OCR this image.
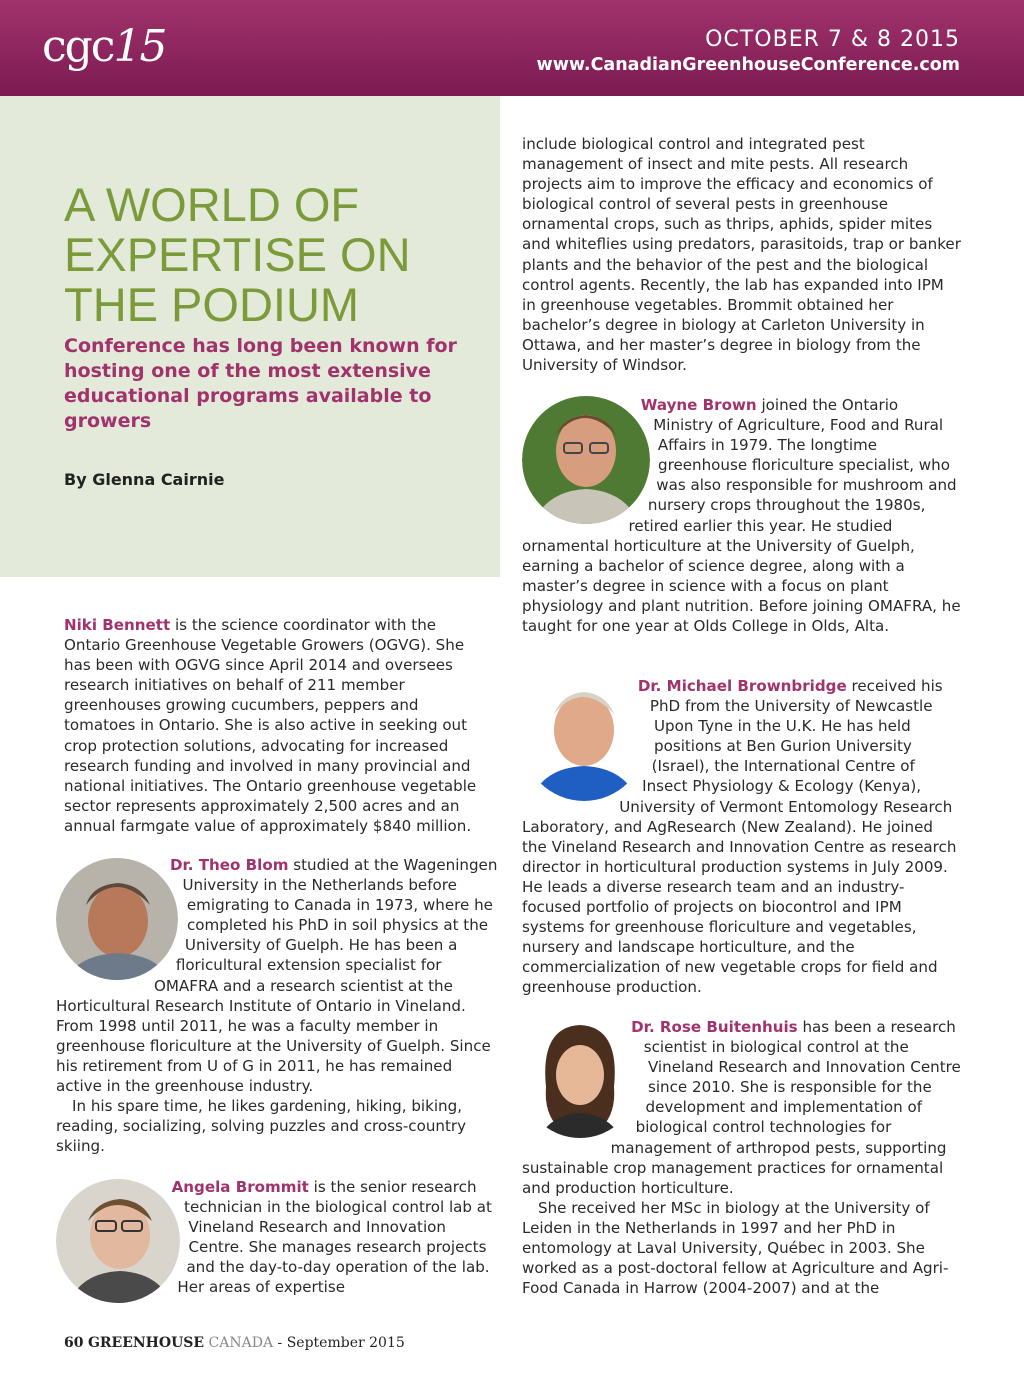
cgc15	OCTOBER 7 & 8 2015
www.CanadianGreenhouseConference.com
A WORLD OF EXPERTISE ON THE PODIUM

Conference has long been known for hosting one of the most extensive educational programs available to growers

By Glenna Cairnie

Niki Bennett is the science coordinator with the Ontario Greenhouse Vegetable Growers (OGVG). She has been with OGVG since April 2014 and oversees research initiatives on behalf of 211 member greenhouses growing cucumbers, peppers and tomatoes in Ontario. She is also active in seeking out crop protection solutions, advocating for increased research funding and involved in many provincial and national initiatives. The Ontario greenhouse vegetable sector represents approximately 2,500 acres and an annual farmgate value of approximately $840 million.

Dr. Theo Blom studied at the Wageningen University in the Netherlands before emigrating to Canada in 1973, where he completed his PhD in soil physics at the University of Guelph. He has been a floricultural extension specialist for OMAFRA and a research scientist at the Horticultural Research Institute of Ontario in Vineland. From 1998 until 2011, he was a faculty member in greenhouse floriculture at the University of Guelph. Since his retirement from U of G in 2011, he has remained active in the greenhouse industry.

In his spare time, he likes gardening, hiking, biking, reading, socializing, solving puzzles and cross-country skiing.

Angela Brommit is the senior research technician in the biological control lab at Vineland Research and Innovation Centre. She manages research projects and the day-to-day operation of the lab. Her areas of expertise

include biological control and integrated pest management of insect and mite pests. All research projects aim to improve the efficacy and economics of biological control of several pests in greenhouse ornamental crops, such as thrips, aphids, spider mites and whiteflies using predators, parasitoids, trap or banker plants and the behavior of the pest and the biological control agents. Recently, the lab has expanded into IPM in greenhouse vegetables. Brommit obtained her bachelor’s degree in biology at Carleton University in Ottawa, and her master’s degree in biology from the University of Windsor.

Wayne Brown joined the Ontario Ministry of Agriculture, Food and Rural Affairs in 1979. The longtime greenhouse floriculture specialist, who was also responsible for mushroom and nursery crops throughout the 1980s, retired earlier this year. He studied ornamental horticulture at the University of Guelph, earning a bachelor of science degree, along with a master’s degree in science with a focus on plant physiology and plant nutrition. Before joining OMAFRA, he taught for one year at Olds College in Olds, Alta.

Dr. Michael Brownbridge received his PhD from the University of Newcastle Upon Tyne in the U.K. He has held positions at Ben Gurion University (Israel), the International Centre of Insect Physiology & Ecology (Kenya), University of Vermont Entomology Research Laboratory, and AgResearch (New Zealand). He joined the Vineland Research and Innovation Centre as research director in horticultural production systems in July 2009. He leads a diverse research team and an industry-focused portfolio of projects on biocontrol and IPM systems for greenhouse floriculture and vegetables, nursery and landscape horticulture, and the commercialization of new vegetable crops for field and greenhouse production.

Dr. Rose Buitenhuis has been a research scientist in biological control at the Vineland Research and Innovation Centre since 2010. She is responsible for the development and implementation of biological control technologies for management of arthropod pests, supporting sustainable crop management practices for ornamental and production horticulture.

She received her MSc in biology at the University of Leiden in the Netherlands in 1997 and her PhD in entomology at Laval University, Québec in 2003. She worked as a post-doctoral fellow at Agriculture and Agri-Food Canada in Harrow (2004-2007) and at the

60 GREENHOUSE CANADA - September 2015
